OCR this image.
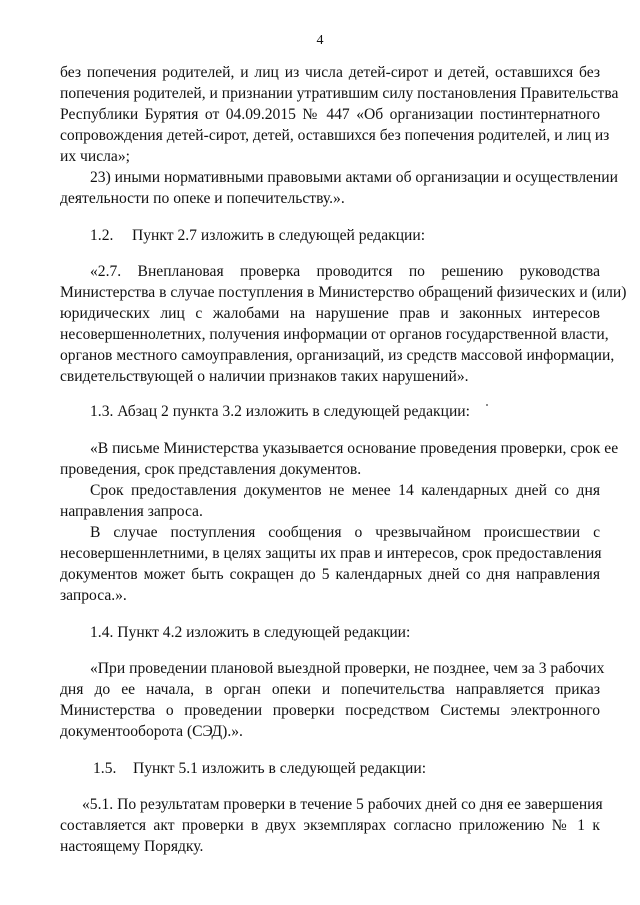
4
без попечения родителей, и лиц из числа детей-сирот и детей, оставшихся без
попечения родителей, и признании утратившим силу постановления Правительства
Республики Бурятия от 04.09.2015 № 447 «Об организации постинтернатного
сопровождения детей-сирот, детей, оставшихся без попечения родителей, и лиц из
их числа»;
23) иными нормативными правовыми актами об организации и осуществлении
деятельности по опеке и попечительству.».
1.2. Пункт 2.7 изложить в следующей редакции:
«2.7. Внеплановая проверка проводится по решению руководства
Министерства в случае поступления в Министерство обращений физических и (или)
юридических лиц с жалобами на нарушение прав и законных интересов
несовершеннолетних, получения информации от органов государственной власти,
органов местного самоуправления, организаций, из средств массовой информации,
свидетельствующей о наличии признаков таких нарушений».
1.3. Абзац 2 пункта 3.2 изложить в следующей редакции:
«В письме Министерства указывается основание проведения проверки, срок ее
проведения, срок представления документов.
Срок предоставления документов не менее 14 календарных дней со дня
направления запроса.
В случае поступления сообщения о чрезвычайном происшествии с
несовершеннлетними, в целях защиты их прав и интересов, срок предоставления
документов может быть сокращен до 5 календарных дней со дня направления
запроса.».
1.4. Пункт 4.2 изложить в следующей редакции:
«При проведении плановой выездной проверки, не позднее, чем за 3 рабочих
дня до ее начала, в орган опеки и попечительства направляется приказ
Министерства о проведении проверки посредством Системы электронного
документооборота (СЭД).».
1.5. Пункт 5.1 изложить в следующей редакции:
«5.1. По результатам проверки в течение 5 рабочих дней со дня ее завершения
составляется акт проверки в двух экземплярах согласно приложению № 1 к
настоящему Порядку.
